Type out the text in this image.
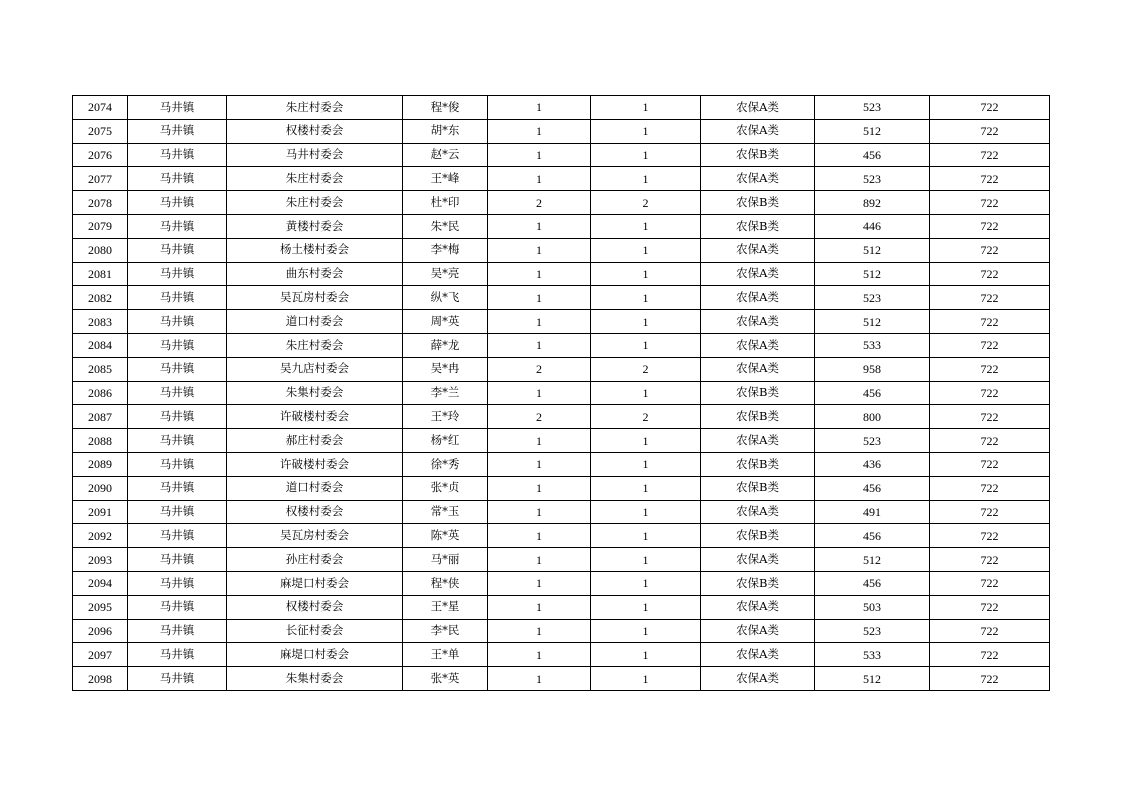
2074	马井镇	朱庄村委会	程*俊	1	1	农保A类	523	722
2075	马井镇	权楼村委会	胡*东	1	1	农保A类	512	722
2076	马井镇	马井村委会	赵*云	1	1	农保B类	456	722
2077	马井镇	朱庄村委会	王*峰	1	1	农保A类	523	722
2078	马井镇	朱庄村委会	杜*印	2	2	农保B类	892	722
2079	马井镇	黄楼村委会	朱*民	1	1	农保B类	446	722
2080	马井镇	杨土楼村委会	李*梅	1	1	农保A类	512	722
2081	马井镇	曲东村委会	吴*亮	1	1	农保A类	512	722
2082	马井镇	吴瓦房村委会	纵*飞	1	1	农保A类	523	722
2083	马井镇	道口村委会	周*英	1	1	农保A类	512	722
2084	马井镇	朱庄村委会	薛*龙	1	1	农保A类	533	722
2085	马井镇	吴九店村委会	吴*冉	2	2	农保A类	958	722
2086	马井镇	朱集村委会	李*兰	1	1	农保B类	456	722
2087	马井镇	许破楼村委会	王*玲	2	2	农保B类	800	722
2088	马井镇	郝庄村委会	杨*红	1	1	农保A类	523	722
2089	马井镇	许破楼村委会	徐*秀	1	1	农保B类	436	722
2090	马井镇	道口村委会	张*贞	1	1	农保B类	456	722
2091	马井镇	权楼村委会	常*玉	1	1	农保A类	491	722
2092	马井镇	吴瓦房村委会	陈*英	1	1	农保B类	456	722
2093	马井镇	孙庄村委会	马*丽	1	1	农保A类	512	722
2094	马井镇	麻堤口村委会	程*侠	1	1	农保B类	456	722
2095	马井镇	权楼村委会	王*星	1	1	农保A类	503	722
2096	马井镇	长征村委会	李*民	1	1	农保A类	523	722
2097	马井镇	麻堤口村委会	王*单	1	1	农保A类	533	722
2098	马井镇	朱集村委会	张*英	1	1	农保A类	512	722
